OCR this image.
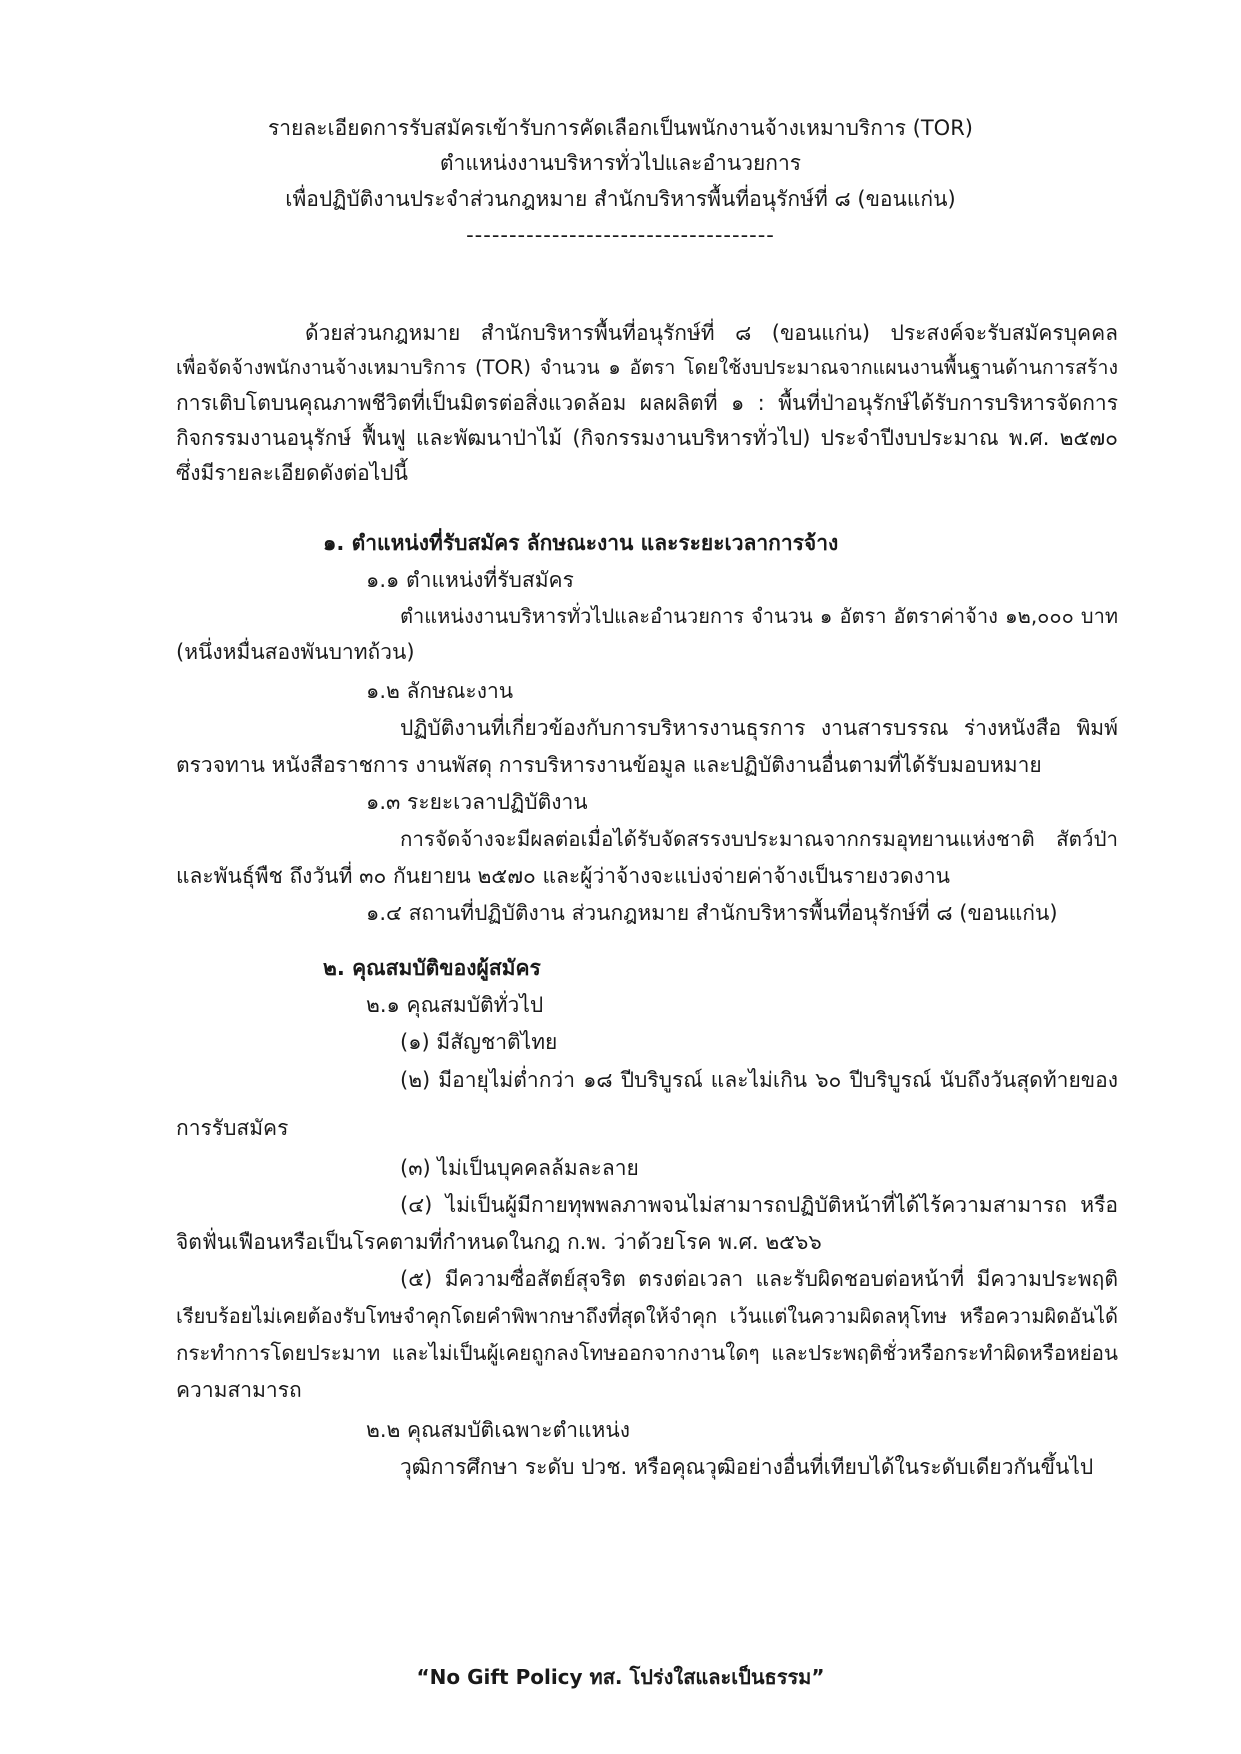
รายละเอียดการรับสมัครเข้ารับการคัดเลือกเป็นพนักงานจ้างเหมาบริการ (TOR)

ตำแหน่งงานบริหารทั่วไปและอำนวยการ

เพื่อปฏิบัติงานประจำส่วนกฎหมาย สำนักบริหารพื้นที่อนุรักษ์ที่ ๘ (ขอนแก่น)

------------------------------------

ด้วยส่วนกฎหมาย สำนักบริหารพื้นที่อนุรักษ์ที่ ๘ (ขอนแก่น) ประสงค์จะรับสมัครบุคคล

เพื่อจัดจ้างพนักงานจ้างเหมาบริการ (TOR) จำนวน ๑ อัตรา โดยใช้งบประมาณจากแผนงานพื้นฐานด้านการสร้าง

การเติบโตบนคุณภาพชีวิตที่เป็นมิตรต่อสิ่งแวดล้อม ผลผลิตที่ ๑ : พื้นที่ป่าอนุรักษ์ได้รับการบริหารจัดการ

กิจกรรมงานอนุรักษ์ ฟื้นฟู และพัฒนาป่าไม้ (กิจกรรมงานบริหารทั่วไป) ประจำปีงบประมาณ พ.ศ. ๒๕๗๐

ซึ่งมีรายละเอียดดังต่อไปนี้

๑. ตำแหน่งที่รับสมัคร ลักษณะงาน และระยะเวลาการจ้าง

๑.๑ ตำแหน่งที่รับสมัคร

ตำแหน่งงานบริหารทั่วไปและอำนวยการ จำนวน ๑ อัตรา อัตราค่าจ้าง ๑๒,๐๐๐ บาท

(หนึ่งหมื่นสองพันบาทถ้วน)

๑.๒ ลักษณะงาน

ปฏิบัติงานที่เกี่ยวข้องกับการบริหารงานธุรการ งานสารบรรณ ร่างหนังสือ พิมพ์

ตรวจทาน หนังสือราชการ งานพัสดุ การบริหารงานข้อมูล และปฏิบัติงานอื่นตามที่ได้รับมอบหมาย

๑.๓ ระยะเวลาปฏิบัติงาน

การจัดจ้างจะมีผลต่อเมื่อได้รับจัดสรรงบประมาณจากกรมอุทยานแห่งชาติ สัตว์ป่า

และพันธุ์พืช ถึงวันที่ ๓๐ กันยายน ๒๕๗๐ และผู้ว่าจ้างจะแบ่งจ่ายค่าจ้างเป็นรายงวดงาน

๑.๔ สถานที่ปฏิบัติงาน ส่วนกฎหมาย สำนักบริหารพื้นที่อนุรักษ์ที่ ๘ (ขอนแก่น)

๒. คุณสมบัติของผู้สมัคร

๒.๑ คุณสมบัติทั่วไป

(๑) มีสัญชาติไทย

(๒) มีอายุไม่ต่ำกว่า ๑๘ ปีบริบูรณ์ และไม่เกิน ๖๐ ปีบริบูรณ์ นับถึงวันสุดท้ายของ

การรับสมัคร

(๓) ไม่เป็นบุคคลล้มละลาย

(๔) ไม่เป็นผู้มีกายทุพพลภาพจนไม่สามารถปฏิบัติหน้าที่ได้ไร้ความสามารถ หรือ

จิตฟั่นเฟือนหรือเป็นโรคตามที่กำหนดในกฎ ก.พ. ว่าด้วยโรค พ.ศ. ๒๕๖๖

(๕) มีความซื่อสัตย์สุจริต ตรงต่อเวลา และรับผิดชอบต่อหน้าที่ มีความประพฤติ

เรียบร้อยไม่เคยต้องรับโทษจำคุกโดยคำพิพากษาถึงที่สุดให้จำคุก เว้นแต่ในความผิดลหุโทษ หรือความผิดอันได้

กระทำการโดยประมาท และไม่เป็นผู้เคยถูกลงโทษออกจากงานใดๆ และประพฤติชั่วหรือกระทำผิดหรือหย่อน

ความสามารถ

๒.๒ คุณสมบัติเฉพาะตำแหน่ง

วุฒิการศึกษา ระดับ ปวช. หรือคุณวุฒิอย่างอื่นที่เทียบได้ในระดับเดียวกันขึ้นไป

“No Gift Policy ทส. โปร่งใสและเป็นธรรม”
